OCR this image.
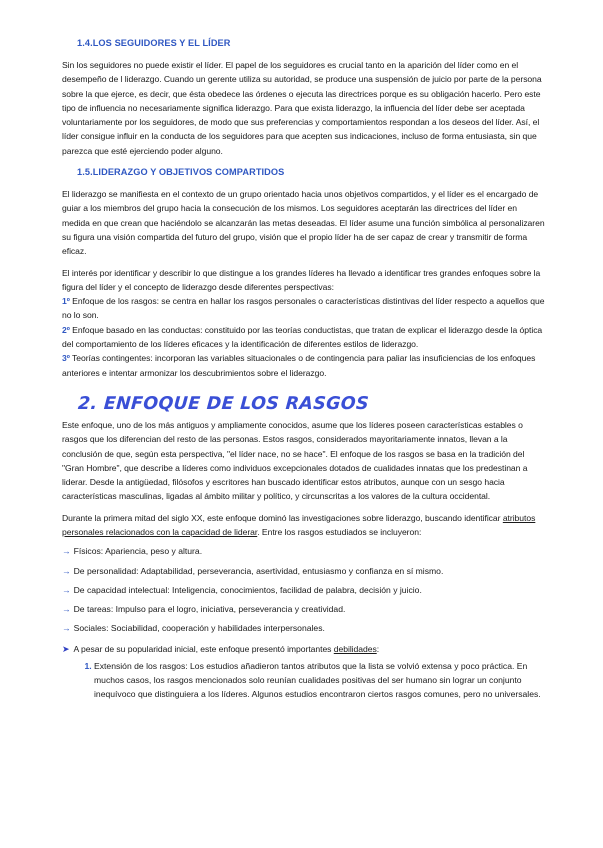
1.4.LOS SEGUIDORES Y EL LÍDER

Sin los seguidores no puede existir el líder. El papel de los seguidores es crucial tanto en la aparición del líder como en el desempeño de l liderazgo. Cuando un gerente utiliza su autoridad, se produce una suspensión de juicio por parte de la persona sobre la que ejerce, es decir, que ésta obedece las órdenes o ejecuta las directrices porque es su obligación hacerlo. Pero este tipo de influencia no necesariamente significa liderazgo. Para que exista liderazgo, la influencia del líder debe ser aceptada voluntariamente por los seguidores, de modo que sus preferencias y comportamientos respondan a los deseos del líder. Así, el líder consigue influir en la conducta de los seguidores para que acepten sus indicaciones, incluso de forma entusiasta, sin que parezca que esté ejerciendo poder alguno.

1.5.LIDERAZGO Y OBJETIVOS COMPARTIDOS

El liderazgo se manifiesta en el contexto de un grupo orientado hacia unos objetivos compartidos, y el líder es el encargado de guiar a los miembros del grupo hacia la consecución de los mismos. Los seguidores aceptarán las directrices del líder en medida en que crean que haciéndolo se alcanzarán las metas deseadas. El líder asume una función simbólica al personalizaren su figura una visión compartida del futuro del grupo, visión que el propio líder ha de ser capaz de crear y transmitir de forma eficaz.

El interés por identificar y describir lo que distingue a los grandes líderes ha llevado a identificar tres grandes enfoques sobre la figura del líder y el concepto de liderazgo desde diferentes perspectivas:

1º Enfoque de los rasgos: se centra en hallar los rasgos personales o características distintivas del líder respecto a aquellos que no lo son.

2º Enfoque basado en las conductas: constituido por las teorías conductistas, que tratan de explicar el liderazgo desde la óptica del comportamiento de los líderes eficaces y la identificación de diferentes estilos de liderazgo.

3º Teorías contingentes: incorporan las variables situacionales o de contingencia para paliar las insuficiencias de los enfoques anteriores e intentar armonizar los descubrimientos sobre el liderazgo.

2. ENFOQUE DE LOS RASGOS

Este enfoque, uno de los más antiguos y ampliamente conocidos, asume que los líderes poseen características estables o rasgos que los diferencian del resto de las personas. Estos rasgos, considerados mayoritariamente innatos, llevan a la conclusión de que, según esta perspectiva, "el líder nace, no se hace". El enfoque de los rasgos se basa en la tradición del "Gran Hombre", que describe a líderes como individuos excepcionales dotados de cualidades innatas que los predestinan a liderar. Desde la antigüedad, filósofos y escritores han buscado identificar estos atributos, aunque con un sesgo hacia características masculinas, ligadas al ámbito militar y político, y circunscritas a los valores de la cultura occidental.

Durante la primera mitad del siglo XX, este enfoque dominó las investigaciones sobre liderazgo, buscando identificar atributos personales relacionados con la capacidad de liderar. Entre los rasgos estudiados se incluyeron:

→ Físicos: Apariencia, peso y altura.
→ De personalidad: Adaptabilidad, perseverancia, asertividad, entusiasmo y confianza en sí mismo.
→ De capacidad intelectual: Inteligencia, conocimientos, facilidad de palabra, decisión y juicio.
→ De tareas: Impulso para el logro, iniciativa, perseverancia y creatividad.
→ Sociales: Sociabilidad, cooperación y habilidades interpersonales.

➤ A pesar de su popularidad inicial, este enfoque presentó importantes debilidades:

1. Extensión de los rasgos: Los estudios añadieron tantos atributos que la lista se volvió extensa y poco práctica. En muchos casos, los rasgos mencionados solo reunían cualidades positivas del ser humano sin lograr un conjunto inequívoco que distinguiera a los líderes. Algunos estudios encontraron ciertos rasgos comunes, pero no universales.
